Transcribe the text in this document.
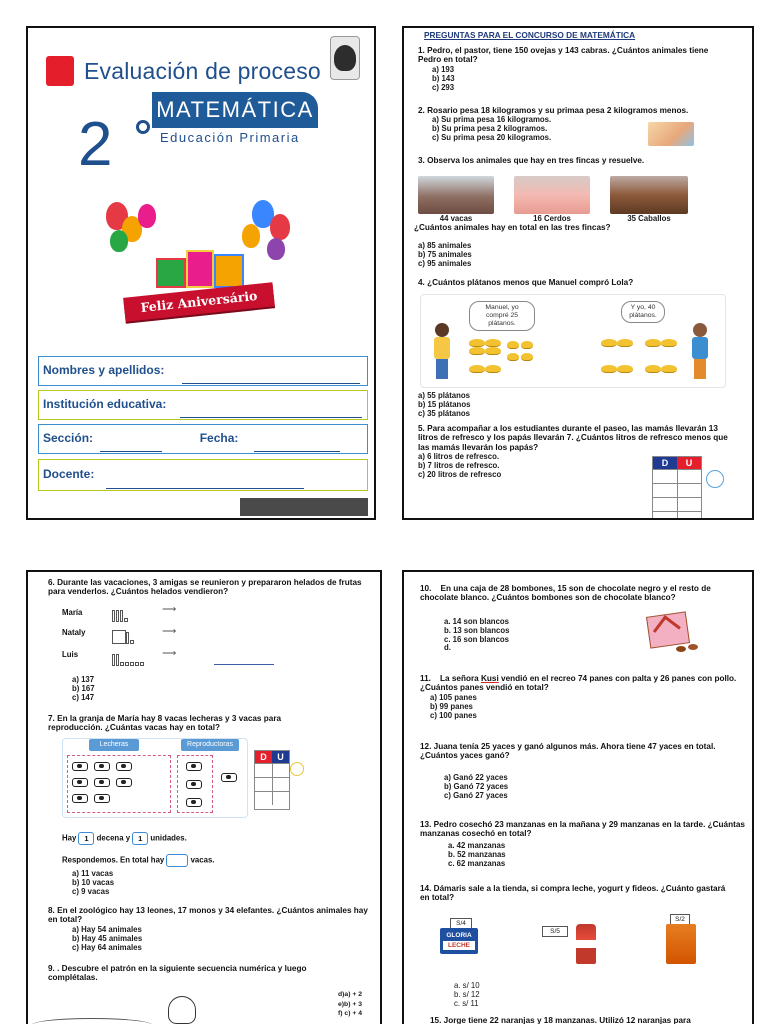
Evaluación de proceso
MATEMÁTICA
2	Educación Primaria
Feliz Aniversário
Nombres y apellidos:
Institución educativa:
Sección:	Fecha:
Docente:
PREGUNTAS PARA EL CONCURSO DE MATEMÁTICA
1. Pedro, el pastor, tiene 150 ovejas y 143 cabras. ¿Cuántos animales tiene Pedro en total?
a) 193
b) 143
c) 293
2. Rosario pesa 18 kilogramos y su primaa pesa 2 kilogramos menos.
a) Su prima pesa 16 kilogramos.
b) Su prima pesa 2 kilogramos.
c) Su prima pesa 20 kilogramos.
3. Observa los animales que hay en tres fincas y resuelve.
44 vacas	16 Cerdos	35 Caballos
¿Cuántos animales hay en total en las tres fincas?
a) 85 animales
b) 75 animales
c) 95 animales
4. ¿Cuántos plátanos menos que Manuel compró Lola?
Manuel, yo compré 25 plátanos.
Y yo, 40 plátanos.
a) 55 plátanos
b) 15 plátanos
c) 35 plátanos
5. Para acompañar a los estudiantes durante el paseo, las mamás llevarán 13 litros de refresco y los papás llevarán 7. ¿Cuántos litros de refresco menos que las mamás llevarán los papás?
a) 6 litros de refresco.
b) 7 litros de refresco.
c) 20 litros de refresco
D	U
6. Durante las vacaciones, 3 amigas se reunieron y prepararon helados de frutas para venderlos. ¿Cuántos helados vendieron?
María
Nataly
Luis
⟶
⟶
⟶
a) 137
b) 167
c) 147
7. En la granja de María hay 8 vacas lecheras y 3 vacas para reproducción. ¿Cuántas vacas hay en total?
Lecheras	Reproductoras
D	U
Hay 1 decena y 1 unidades.
Respondemos. En total hay	vacas.
a) 11 vacas
b) 10 vacas
c) 9 vacas
8. En el zoológico hay 13 leones, 17 monos y 34 elefantes. ¿Cuántos animales hay en total?
a) Hay 54 animales
b) Hay 45 animales
c) Hay 64 animales
9. . Descubre el patrón en la siguiente secuencia numérica y luego complétalas.
d)a) + 2
e)b) + 3
f) c) + 4
10. En una caja de 28 bombones, 15 son de chocolate negro y el resto de chocolate blanco. ¿Cuántos bombones son de chocolate blanco?
a. 14 son blancos
b. 13 son blancos
c. 16 son blancos
d.
11. La señora Kusi vendió en el recreo 74 panes con palta y 26 panes con pollo. ¿Cuántos panes vendió en total?
a) 105 panes
b) 99 panes
c) 100 panes
12. Juana tenía 25 yaces y ganó algunos más. Ahora tiene 47 yaces en total. ¿Cuántos yaces ganó?
a) Ganó 22 yaces
b) Ganó 72 yaces
c) Ganó 27 yaces
13. Pedro cosechó 23 manzanas en la mañana y 29 manzanas en la tarde. ¿Cuántas manzanas cosechó en total?
a. 42 manzanas
b. 52 manzanas
c. 62 manzanas
14. Dámaris sale a la tienda, si compra leche, yogurt y fideos. ¿Cuánto gastará en total?
S/4
GLORIA
LECHE
S/5
S/2
a. s/ 10
b. s/ 12
c. s/ 11
15. Jorge tiene 22 naranjas y 18 manzanas. Utilizó 12 naranjas para
